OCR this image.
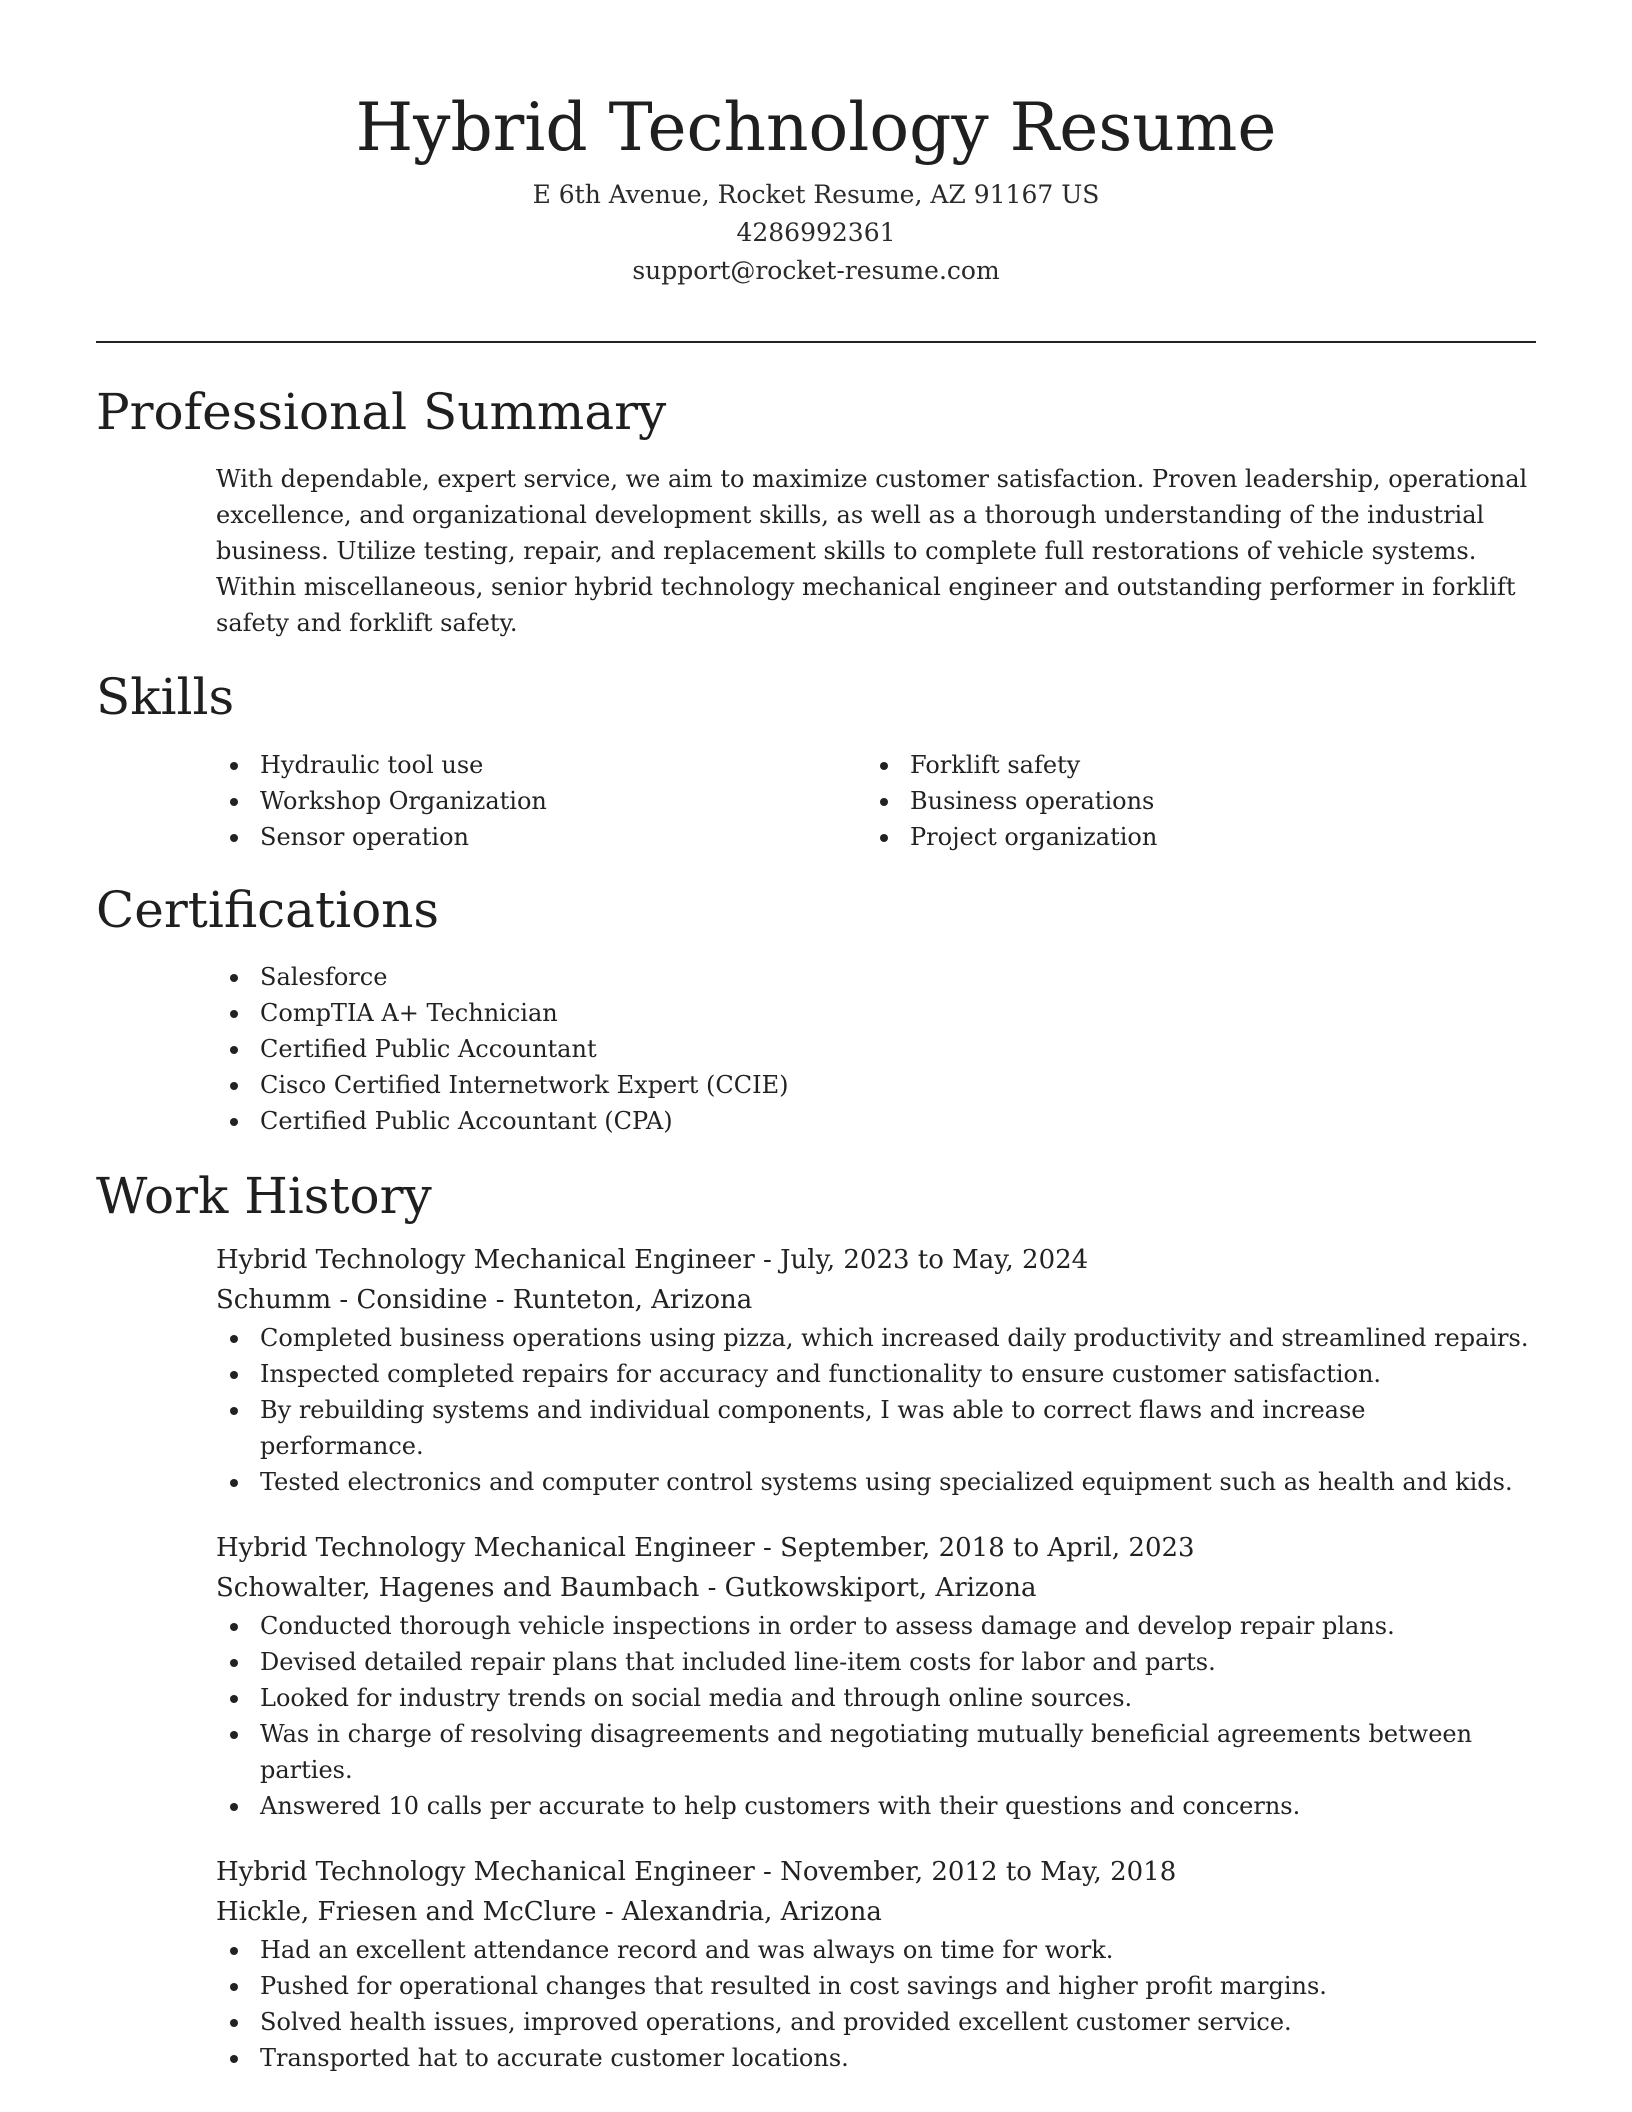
Hybrid Technology Resume
E 6th Avenue, Rocket Resume, AZ 91167 US
4286992361
support@rocket-resume.com
Professional Summary

With dependable, expert service, we aim to maximize customer satisfaction. Proven leadership, operational excellence, and organizational development skills, as well as a thorough understanding of the industrial business. Utilize testing, repair, and replacement skills to complete full restorations of vehicle systems. Within miscellaneous, senior hybrid technology mechanical engineer and outstanding performer in forklift safety and forklift safety.

Skills
Hydraulic tool use
Workshop Organization
Sensor operation
Forklift safety
Business operations
Project organization
Certifications
Salesforce
CompTIA A+ Technician
Certified Public Accountant
Cisco Certified Internetwork Expert (CCIE)
Certified Public Accountant (CPA)
Work History
Hybrid Technology Mechanical Engineer - July, 2023 to May, 2024
Schumm - Considine - Runteton, Arizona
Completed business operations using pizza, which increased daily productivity and streamlined repairs.
Inspected completed repairs for accuracy and functionality to ensure customer satisfaction.
By rebuilding systems and individual components, I was able to correct flaws and increase performance.
Tested electronics and computer control systems using specialized equipment such as health and kids.
Hybrid Technology Mechanical Engineer - September, 2018 to April, 2023
Schowalter, Hagenes and Baumbach - Gutkowskiport, Arizona
Conducted thorough vehicle inspections in order to assess damage and develop repair plans.
Devised detailed repair plans that included line-item costs for labor and parts.
Looked for industry trends on social media and through online sources.
Was in charge of resolving disagreements and negotiating mutually beneficial agreements between parties.
Answered 10 calls per accurate to help customers with their questions and concerns.
Hybrid Technology Mechanical Engineer - November, 2012 to May, 2018
Hickle, Friesen and McClure - Alexandria, Arizona
Had an excellent attendance record and was always on time for work.
Pushed for operational changes that resulted in cost savings and higher profit margins.
Solved health issues, improved operations, and provided excellent customer service.
Transported hat to accurate customer locations.
